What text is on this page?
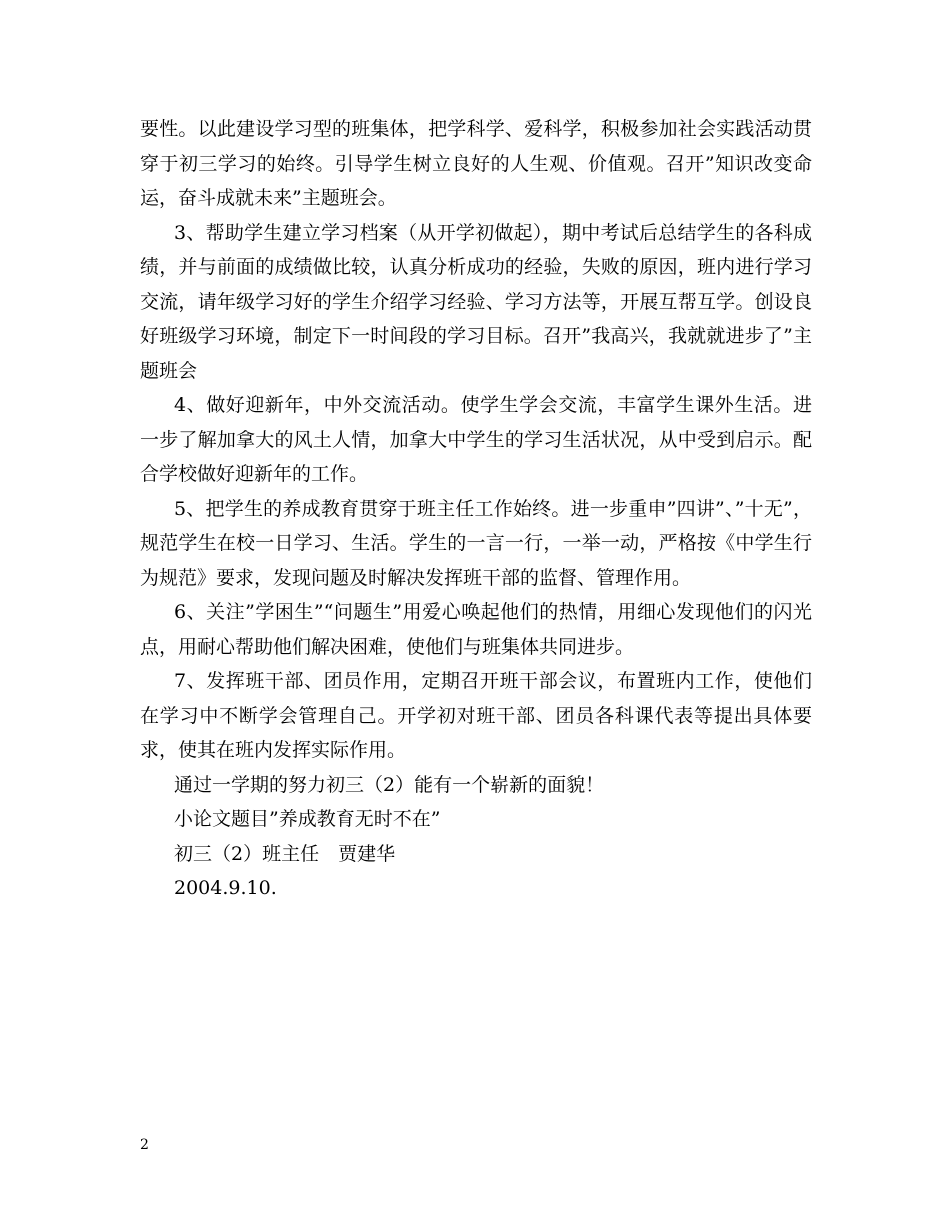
要性。以此建设学习型的班集体，把学科学、爱科学，积极参加社会实践活动贯穿于初三学习的始终。引导学生树立良好的人生观、价值观。召开”知识改变命运，奋斗成就未来”主题班会。

3、帮助学生建立学习档案（从开学初做起），期中考试后总结学生的各科成绩，并与前面的成绩做比较，认真分析成功的经验，失败的原因，班内进行学习交流，请年级学习好的学生介绍学习经验、学习方法等，开展互帮互学。创设良好班级学习环境，制定下一时间段的学习目标。召开”我高兴，我就就进步了”主题班会

4、做好迎新年，中外交流活动。使学生学会交流，丰富学生课外生活。进一步了解加拿大的风土人情，加拿大中学生的学习生活状况，从中受到启示。配合学校做好迎新年的工作。

5、把学生的养成教育贯穿于班主任工作始终。进一步重申”四讲”、”十无”，规范学生在校一日学习、生活。学生的一言一行，一举一动，严格按《中学生行为规范》要求，发现问题及时解决发挥班干部的监督、管理作用。

6、关注”学困生”“问题生”用爱心唤起他们的热情，用细心发现他们的闪光点，用耐心帮助他们解决困难，使他们与班集体共同进步。

7、发挥班干部、团员作用，定期召开班干部会议，布置班内工作，使他们在学习中不断学会管理自己。开学初对班干部、团员各科课代表等提出具体要求，使其在班内发挥实际作用。

通过一学期的努力初三（2）能有一个崭新的面貌！

小论文题目”养成教育无时不在”

初三（2）班主任　贾建华

2004.9.10.

2
